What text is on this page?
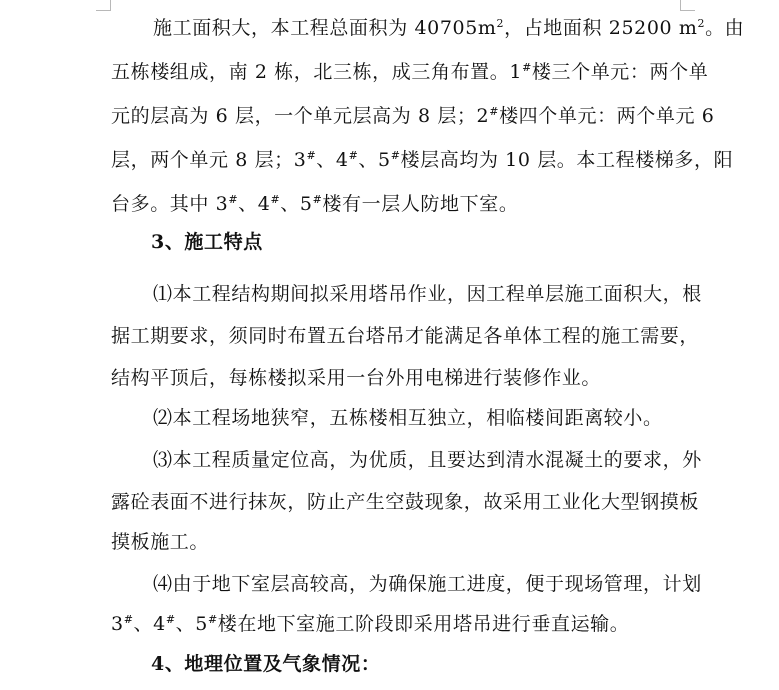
施工面积大，本工程总面积为 $40705m^2$，占地面积 25200 $m^2$。由
五栋楼组成，南 2 栋，北三栋，成三角布置。1#楼三个单元：两个单
元的层高为 6 层，一个单元层高为 8 层；2#楼四个单元：两个单元 6
层，两个单元 8 层；3#、4#、5#楼层高均为 10 层。本工程楼梯多，阳
台多。其中 3#、4#、5#楼有一层人防地下室。
3、施工特点
⑴本工程结构期间拟采用塔吊作业，因工程单层施工面积大，根
据工期要求，须同时布置五台塔吊才能满足各单体工程的施工需要，
结构平顶后，每栋楼拟采用一台外用电梯进行装修作业。
⑵本工程场地狭窄，五栋楼相互独立，相临楼间距离较小。
⑶本工程质量定位高，为优质，且要达到清水混凝土的要求，外
露砼表面不进行抹灰，防止产生空鼓现象，故采用工业化大型钢摸板
摸板施工。
⑷由于地下室层高较高，为确保施工进度，便于现场管理，计划
3#、4#、5#楼在地下室施工阶段即采用塔吊进行垂直运输。
4、地理位置及气象情况：
